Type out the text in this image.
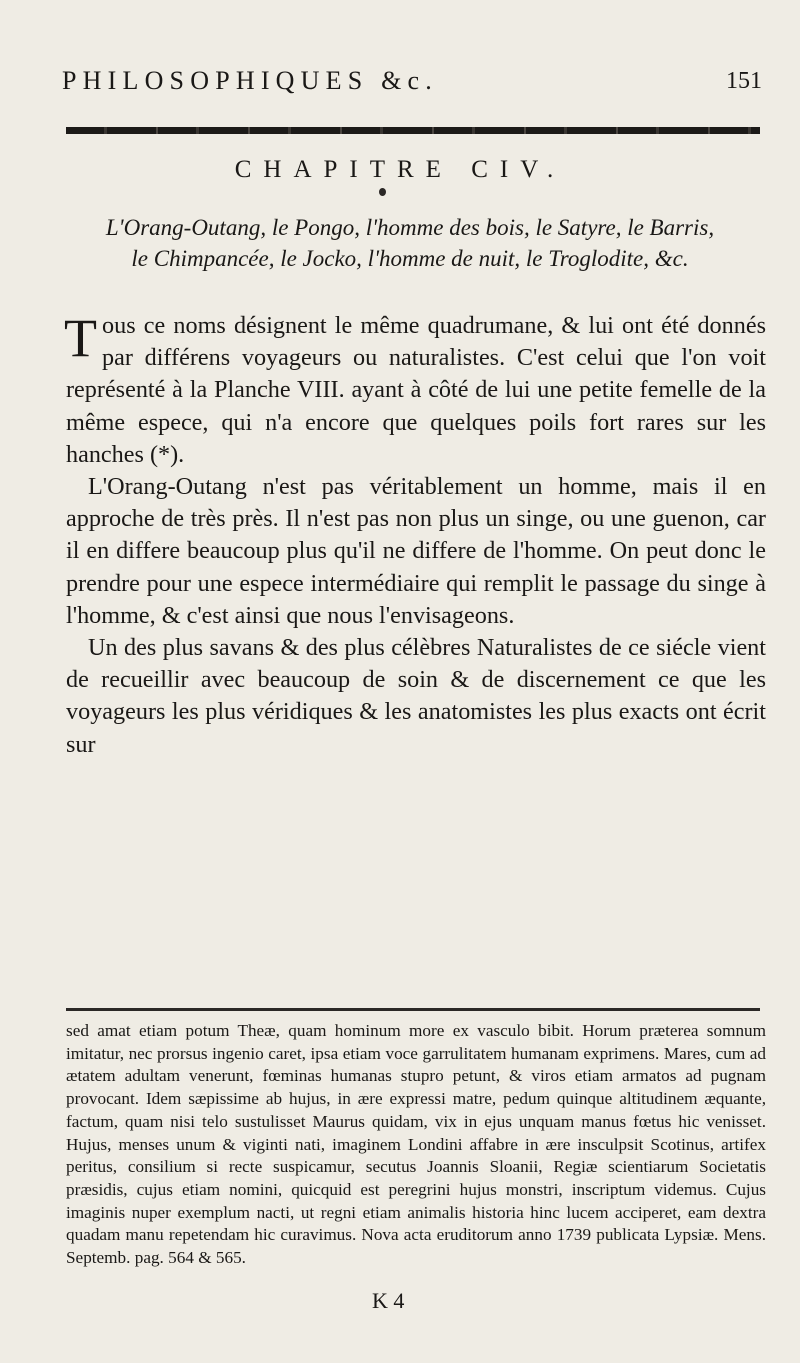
PHILOSOPHIQUES &c.	151
CHAPITRE CIV.
L'Orang-Outang, le Pongo, l'homme des bois, le Satyre, le Barris, le Chimpancée, le Jocko, l'homme de nuit, le Troglodite, &c.

Tous ce noms désignent le même quadrumane, & lui ont été donnés par différens voyageurs ou naturalistes. C'est celui que l'on voit représenté à la Planche VIII. ayant à côté de lui une petite femelle de la même espece, qui n'a encore que quelques poils fort rares sur les hanches (*).

L'Orang-Outang n'est pas véritablement un homme, mais il en approche de très près. Il n'est pas non plus un singe, ou une guenon, car il en differe beaucoup plus qu'il ne differe de l'homme. On peut donc le prendre pour une espece intermédiaire qui remplit le passage du singe à l'homme, & c'est ainsi que nous l'envisageons.

Un des plus savans & des plus célèbres Naturalistes de ce siécle vient de recueillir avec beaucoup de soin & de discernement ce que les voyageurs les plus véridiques & les anatomistes les plus exacts ont écrit sur

sed amat etiam potum Theæ, quam hominum more ex vasculo bibit. Horum præterea somnum imitatur, nec prorsus ingenio caret, ipsa etiam voce garrulitatem humanam exprimens. Mares, cum ad ætatem adultam venerunt, fœminas humanas stupro petunt, & viros etiam armatos ad pugnam provocant. Idem sæpissime ab hujus, in ære expressi matre, pedum quinque altitudinem æquante, factum, quam nisi telo sustulisset Maurus quidam, vix in ejus unquam manus fœtus hic venisset. Hujus, menses unum & viginti nati, imaginem Londini affabre in ære insculpsit Scotinus, artifex peritus, consilium si recte suspicamur, secutus Joannis Sloanii, Regiæ scientiarum Societatis præsidis, cujus etiam nomini, quicquid est peregrini hujus monstri, inscriptum videmus. Cujus imaginis nuper exemplum nacti, ut regni etiam animalis historia hinc lucem acciperet, eam dextra quadam manu repetendam hic curavimus. Nova acta eruditorum anno 1739 publicata Lypsiæ. Mens. Septemb. pag. 564 & 565.

K 4
